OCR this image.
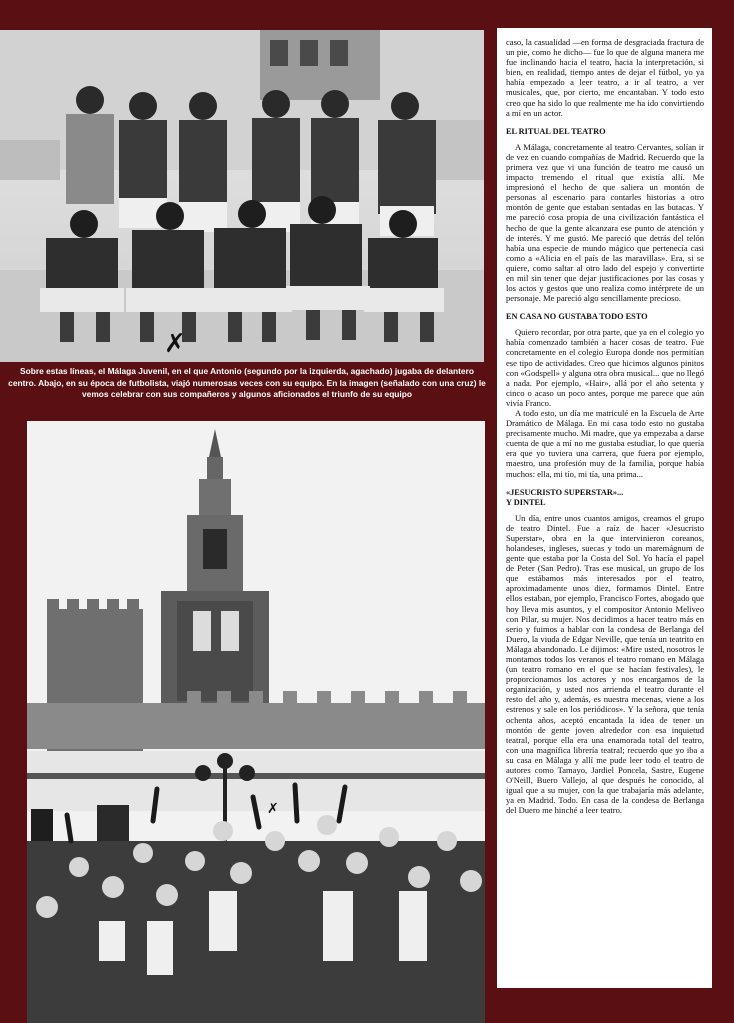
✗
Sobre estas líneas, el Málaga Juvenil, en el que Antonio (segundo por la izquierda, agachado) jugaba de delantero centro. Abajo, en su época de futbolista, viajó numerosas veces con su equipo. En la imagen (señalado con una cruz) le vemos celebrar con sus compañeros y algunos aficionados el triunfo de su equipo
✗

caso, la casualidad —en forma de desgraciada fractura de un pie, como he dicho— fue lo que de alguna manera me fue inclinando hacia el teatro, hacia la interpretación, si bien, en realidad, tiempo antes de dejar el fútbol, yo ya había empezado a leer teatro, a ir al teatro, a ver musicales, que, por cierto, me encantaban. Y todo esto creo que ha sido lo que realmente me ha ido convirtiendo a mí en un actor.

EL RITUAL DEL TEATRO

A Málaga, concretamente al teatro Cervantes, solían ir de vez en cuando compañías de Madrid. Recuerdo que la primera vez que vi una función de teatro me causó un impacto tremendo el ritual que existía allí. Me impresionó el hecho de que saliera un montón de personas al escenario para contarles historias a otro montón de gente que estaban sentadas en las butacas. Y me pareció cosa propia de una civilización fantástica el hecho de que la gente alcanzara ese punto de atención y de interés. Y me gustó. Me pareció que detrás del telón había una especie de mundo mágico que pertenecía casi como a «Alicia en el país de las maravillas». Era, si se quiere, como saltar al otro lado del espejo y convertirte en mil sin tener que dejar justificaciones por las cosas y los actos y gestos que uno realiza como intérprete de un personaje. Me pareció algo sencillamente precioso.

EN CASA NO GUSTABA TODO ESTO

Quiero recordar, por otra parte, que ya en el colegio yo había comenzado también a hacer cosas de teatro. Fue concretamente en el colegio Europa donde nos permitían ese tipo de actividades. Creo que hicimos algunos pinitos con «Godspell» y alguna otra obra musical... que no llegó a nada. Por ejemplo, «Hair», allá por el año setenta y cinco o acaso un poco antes, porque me parece que aún vivía Franco.

A todo esto, un día me matriculé en la Escuela de Arte Dramático de Málaga. En mi casa todo esto no gustaba precisamente mucho. Mi madre, que ya empezaba a darse cuenta de que a mí no me gustaba estudiar, lo que quería era que yo tuviera una carrera, que fuera por ejemplo, maestro, una profesión muy de la familia, porque había muchos: ella, mi tío, mi tía, una prima...

«JESUCRISTO SUPERSTAR»...
Y DINTEL

Un día, entre unos cuantos amigos, creamos el grupo de teatro Dintel. Fue a raíz de hacer «Jesucristo Superstar», obra en la que intervinieron coreanos, holandeses, ingleses, suecas y todo un maremágnum de gente que estaba por la Costa del Sol. Yo hacía el papel de Peter (San Pedro). Tras ese musical, un grupo de los que estábamos más interesados por el teatro, aproximadamente unos diez, formamos Dintel. Entre ellos estaban, por ejemplo, Francisco Fortes, abogado que hoy lleva mis asuntos, y el compositor Antonio Meliveo con Pilar, su mujer. Nos decidimos a hacer teatro más en serio y fuimos a hablar con la condesa de Berlanga del Duero, la viuda de Edgar Neville, que tenía un teatrito en Málaga abandonado. Le dijimos: «Mire usted, nosotros le montamos todos los veranos el teatro romano en Málaga (un teatro romano en el que se hacían festivales), le proporcionamos los actores y nos encargamos de la organización, y usted nos arrienda el teatro durante el resto del año y, además, es nuestra mecenas, viene a los estrenos y sale en los periódicos». Y la señora, que tenía ochenta años, aceptó encantada la idea de tener un montón de gente joven alrededor con esa inquietud teatral, porque ella era una enamorada total del teatro, con una magnífica librería teatral; recuerdo que yo iba a su casa en Málaga y allí me pude leer todo el teatro de autores como Tamayo, Jardiel Poncela, Sastre, Eugene O'Neill, Buero Vallejo, al que después he conocido, al igual que a su mujer, con la que trabajaría más adelante, ya en Madrid. Todo. En casa de la condesa de Berlanga del Duero me hinché a leer teatro.
